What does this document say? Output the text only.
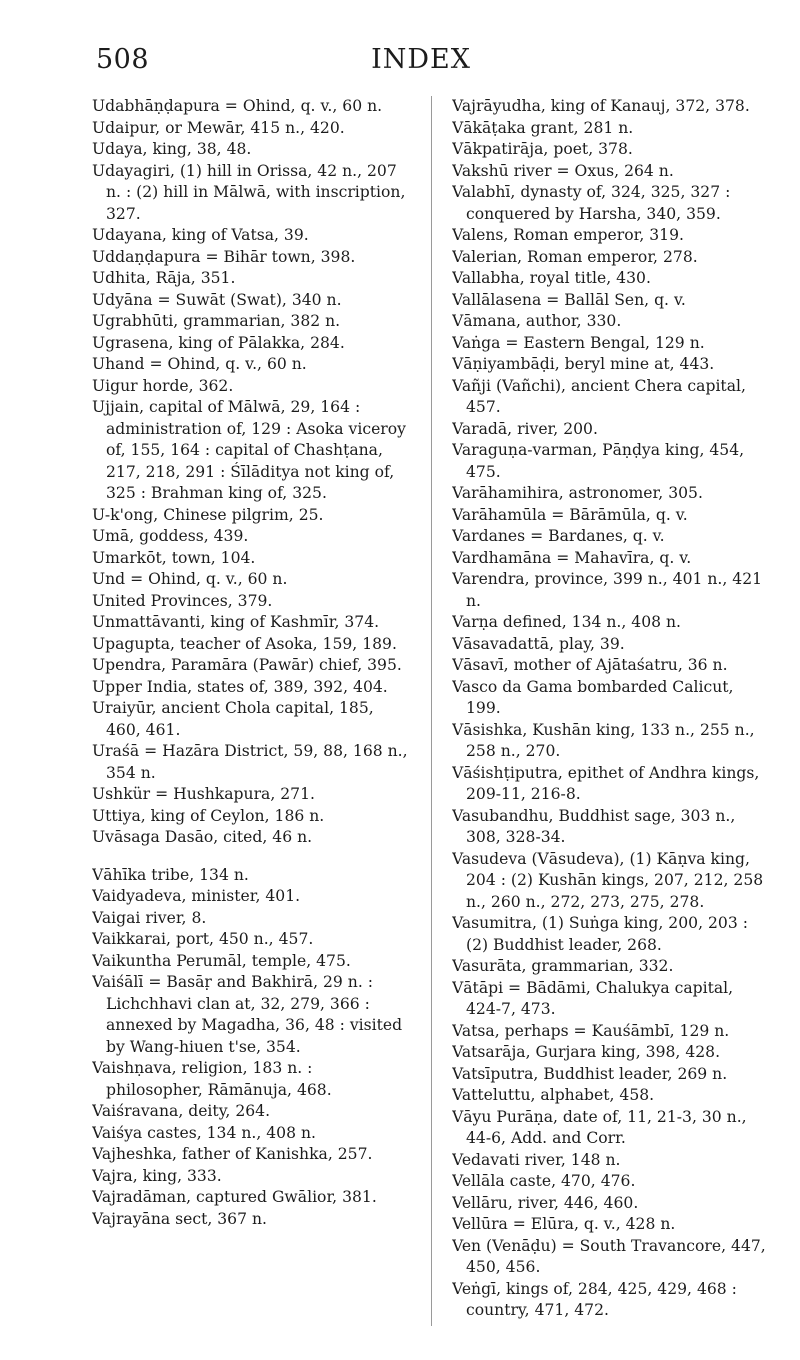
508	INDEX

Udabhāṇḍapura = Ohind, q. v., 60 n.

Udaipur, or Mewār, 415 n., 420.

Udaya, king, 38, 48.

Udayagiri, (1) hill in Orissa, 42 n., 207 n. : (2) hill in Mālwā, with inscription, 327.

Udayana, king of Vatsa, 39.

Uddaṇḍapura = Bihār town, 398.

Udhita, Rāja, 351.

Udyāna = Suwāt (Swat), 340 n.

Ugrabhūti, grammarian, 382 n.

Ugrasena, king of Pālakka, 284.

Uhand = Ohind, q. v., 60 n.

Uigur horde, 362.

Ujjain, capital of Mālwā, 29, 164 : administration of, 129 : Asoka viceroy of, 155, 164 : capital of Chashṭana, 217, 218, 291 : Śīlāditya not king of, 325 : Brahman king of, 325.

U-k'ong, Chinese pilgrim, 25.

Umā, goddess, 439.

Umarkōt, town, 104.

Und = Ohind, q. v., 60 n.

United Provinces, 379.

Unmattāvanti, king of Kashmīr, 374.

Upagupta, teacher of Asoka, 159, 189.

Upendra, Paramāra (Pawār) chief, 395.

Upper India, states of, 389, 392, 404.

Uraiyūr, ancient Chola capital, 185, 460, 461.

Uraśā = Hazāra District, 59, 88, 168 n., 354 n.

Ushkür = Hushkapura, 271.

Uttiya, king of Ceylon, 186 n.

Uvāsaga Dasāo, cited, 46 n.

Vāhīka tribe, 134 n.

Vaidyadeva, minister, 401.

Vaigai river, 8.

Vaikkarai, port, 450 n., 457.

Vaikuntha Perumāl, temple, 475.

Vaiśālī = Basāṛ and Bakhirā, 29 n. : Lichchhavi clan at, 32, 279, 366 : annexed by Magadha, 36, 48 : visited by Wang-hiuen t'se, 354.

Vaishṇava, religion, 183 n. : philosopher, Rāmānuja, 468.

Vaiśravana, deity, 264.

Vaiśya castes, 134 n., 408 n.

Vajheshka, father of Kanishka, 257.

Vajra, king, 333.

Vajradāman, captured Gwālior, 381.

Vajrayāna sect, 367 n.

Vajrāyudha, king of Kanauj, 372, 378.

Vākāṭaka grant, 281 n.

Vākpatirāja, poet, 378.

Vakshū river = Oxus, 264 n.

Valabhī, dynasty of, 324, 325, 327 : conquered by Harsha, 340, 359.

Valens, Roman emperor, 319.

Valerian, Roman emperor, 278.

Vallabha, royal title, 430.

Vallālasena = Ballāl Sen, q. v.

Vāmana, author, 330.

Vaṅga = Eastern Bengal, 129 n.

Vāṇiyambāḍi, beryl mine at, 443.

Vañji (Vañchi), ancient Chera capital, 457.

Varadā, river, 200.

Varaguṇa-varman, Pāṇḍya king, 454, 475.

Varāhamihira, astronomer, 305.

Varāhamūla = Bārāmūla, q. v.

Vardanes = Bardanes, q. v.

Vardhamāna = Mahavīra, q. v.

Varendra, province, 399 n., 401 n., 421 n.

Varṇa defined, 134 n., 408 n.

Vāsavadattā, play, 39.

Vāsavī, mother of Ajātaśatru, 36 n.

Vasco da Gama bombarded Calicut, 199.

Vāsishka, Kushān king, 133 n., 255 n., 258 n., 270.

Vāśishṭiputra, epithet of Andhra kings, 209-11, 216-8.

Vasubandhu, Buddhist sage, 303 n., 308, 328-34.

Vasudeva (Vāsudeva), (1) Kāṇva king, 204 : (2) Kushān kings, 207, 212, 258 n., 260 n., 272, 273, 275, 278.

Vasumitra, (1) Suṅga king, 200, 203 : (2) Buddhist leader, 268.

Vasurāta, grammarian, 332.

Vātāpi = Bādāmi, Chalukya capital, 424-7, 473.

Vatsa, perhaps = Kauśāmbī, 129 n.

Vatsarāja, Gurjara king, 398, 428.

Vatsīputra, Buddhist leader, 269 n.

Vatteluttu, alphabet, 458.

Vāyu Purāṇa, date of, 11, 21-3, 30 n., 44-6, Add. and Corr.

Vedavati river, 148 n.

Vellāla caste, 470, 476.

Vellāru, river, 446, 460.

Vellūra = Elūra, q. v., 428 n.

Ven (Venāḍu) = South Travancore, 447, 450, 456.

Veṅgī, kings of, 284, 425, 429, 468 : country, 471, 472.
